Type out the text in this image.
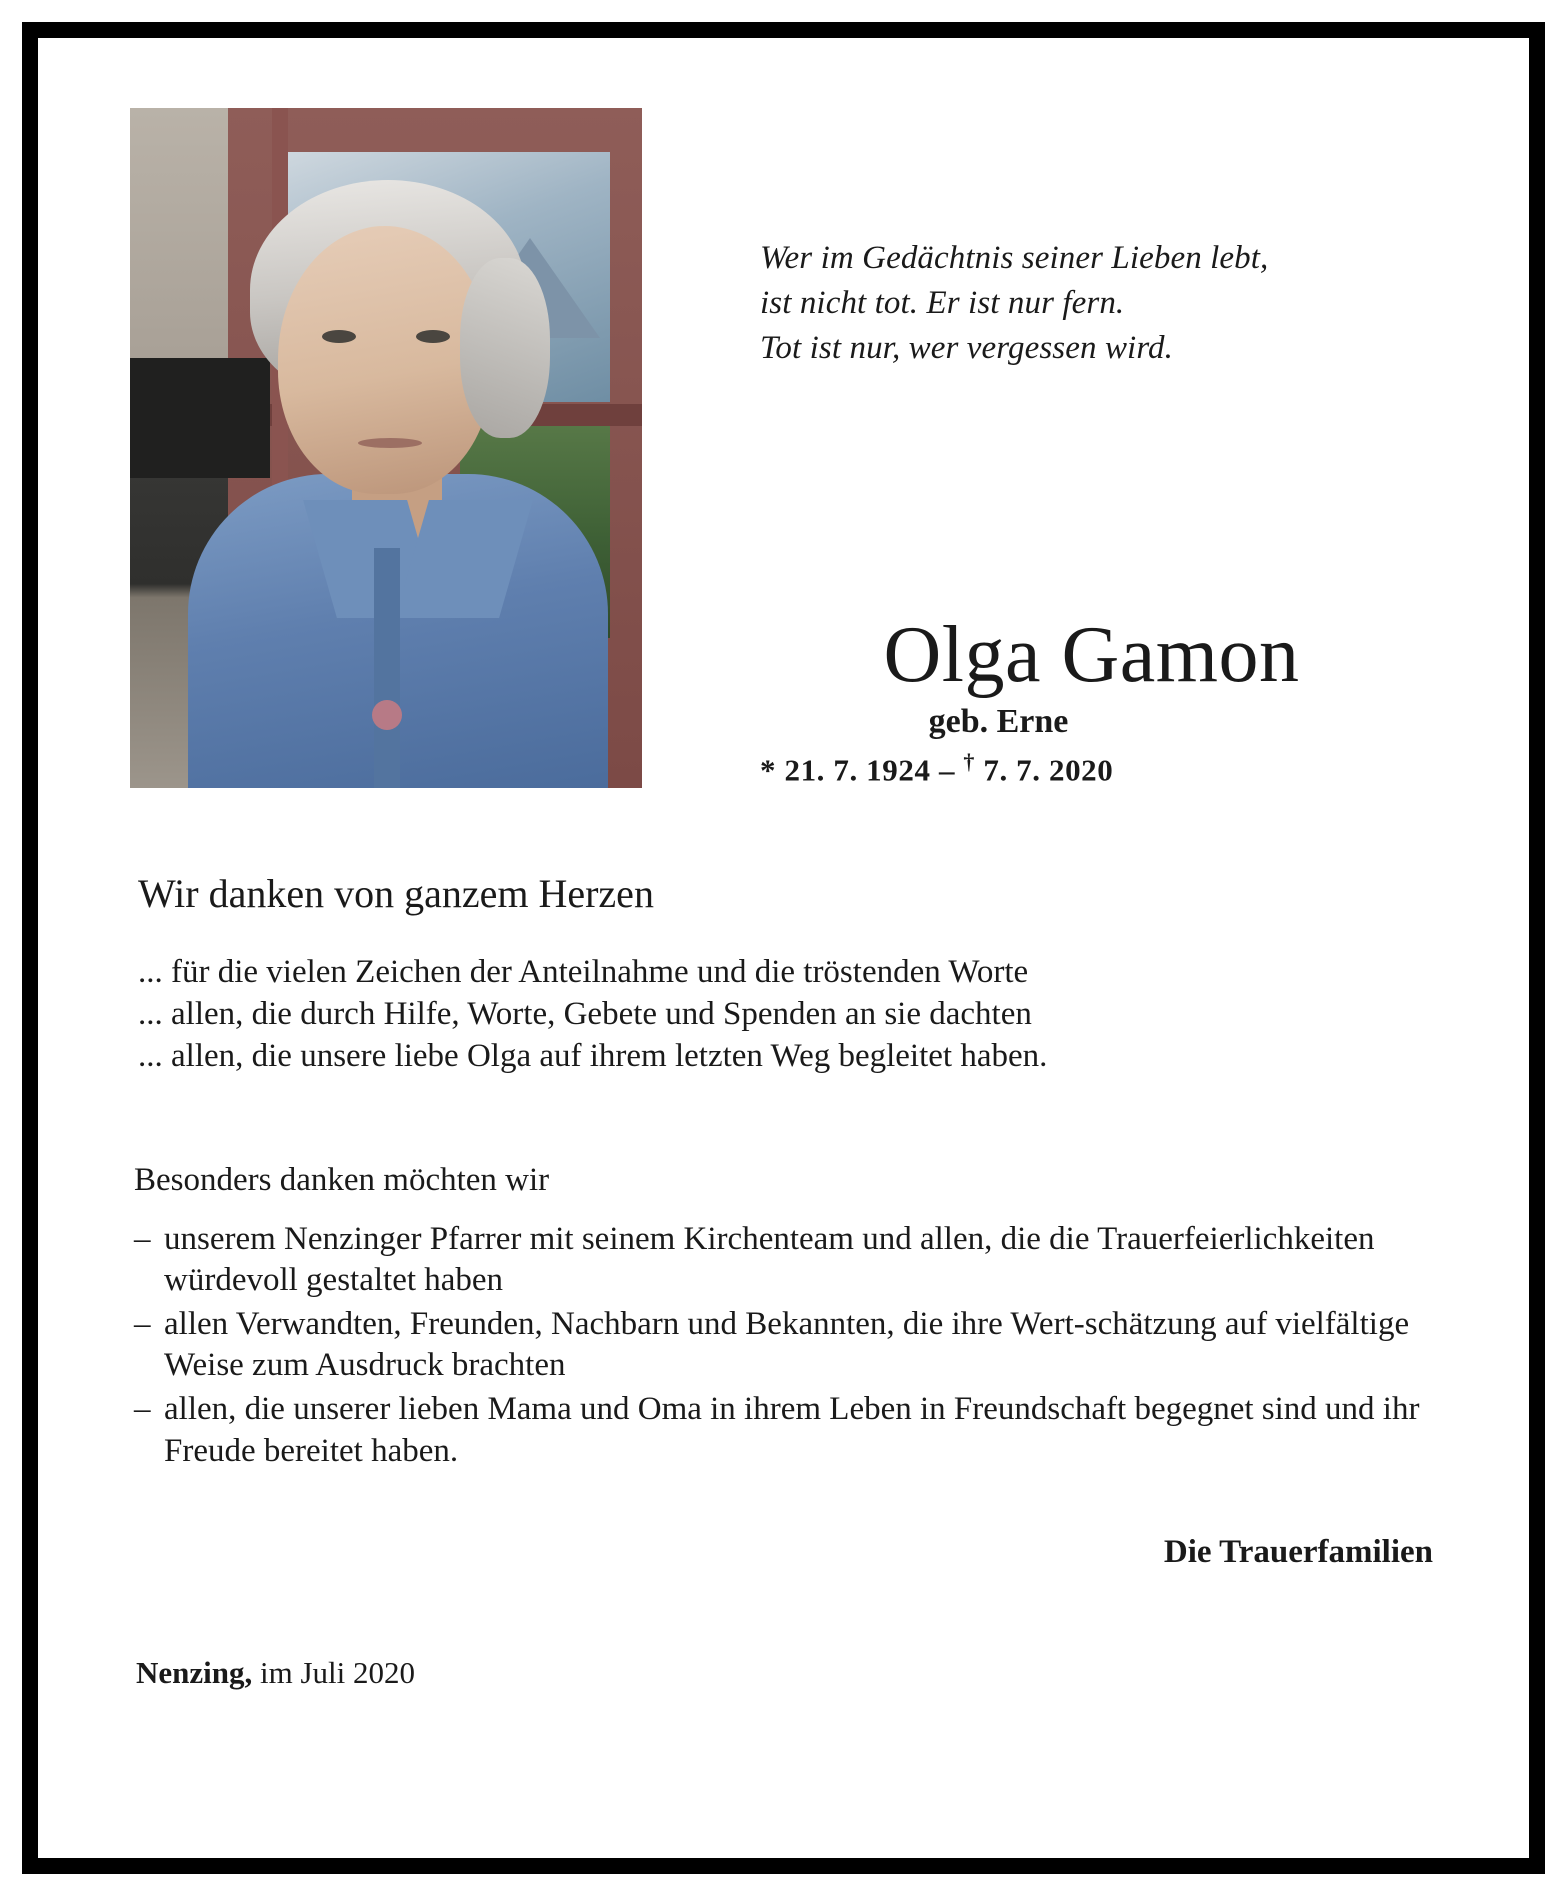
Wer im Gedächtnis seiner Lieben lebt,
ist nicht tot. Er ist nur fern.
Tot ist nur, wer vergessen wird.
Olga Gamon
geb. Erne
* 21. 7. 1924 – † 7. 7. 2020
Wir danken von ganzem Herzen
... für die vielen Zeichen der Anteilnahme und die tröstenden Worte
... allen, die durch Hilfe, Worte, Gebete und Spenden an sie dachten
... allen, die unsere liebe Olga auf ihrem letzten Weg begleitet haben.
Besonders danken möchten wir
– unserem Nenzinger Pfarrer mit seinem Kirchenteam und allen, die die Trauerfeierlichkeiten würdevoll gestaltet haben
– allen Verwandten, Freunden, Nachbarn und Bekannten, die ihre Wert-schätzung auf vielfältige Weise zum Ausdruck brachten
– allen, die unserer lieben Mama und Oma in ihrem Leben in Freundschaft begegnet sind und ihr Freude bereitet haben.
Die Trauerfamilien
Nenzing, im Juli 2020
